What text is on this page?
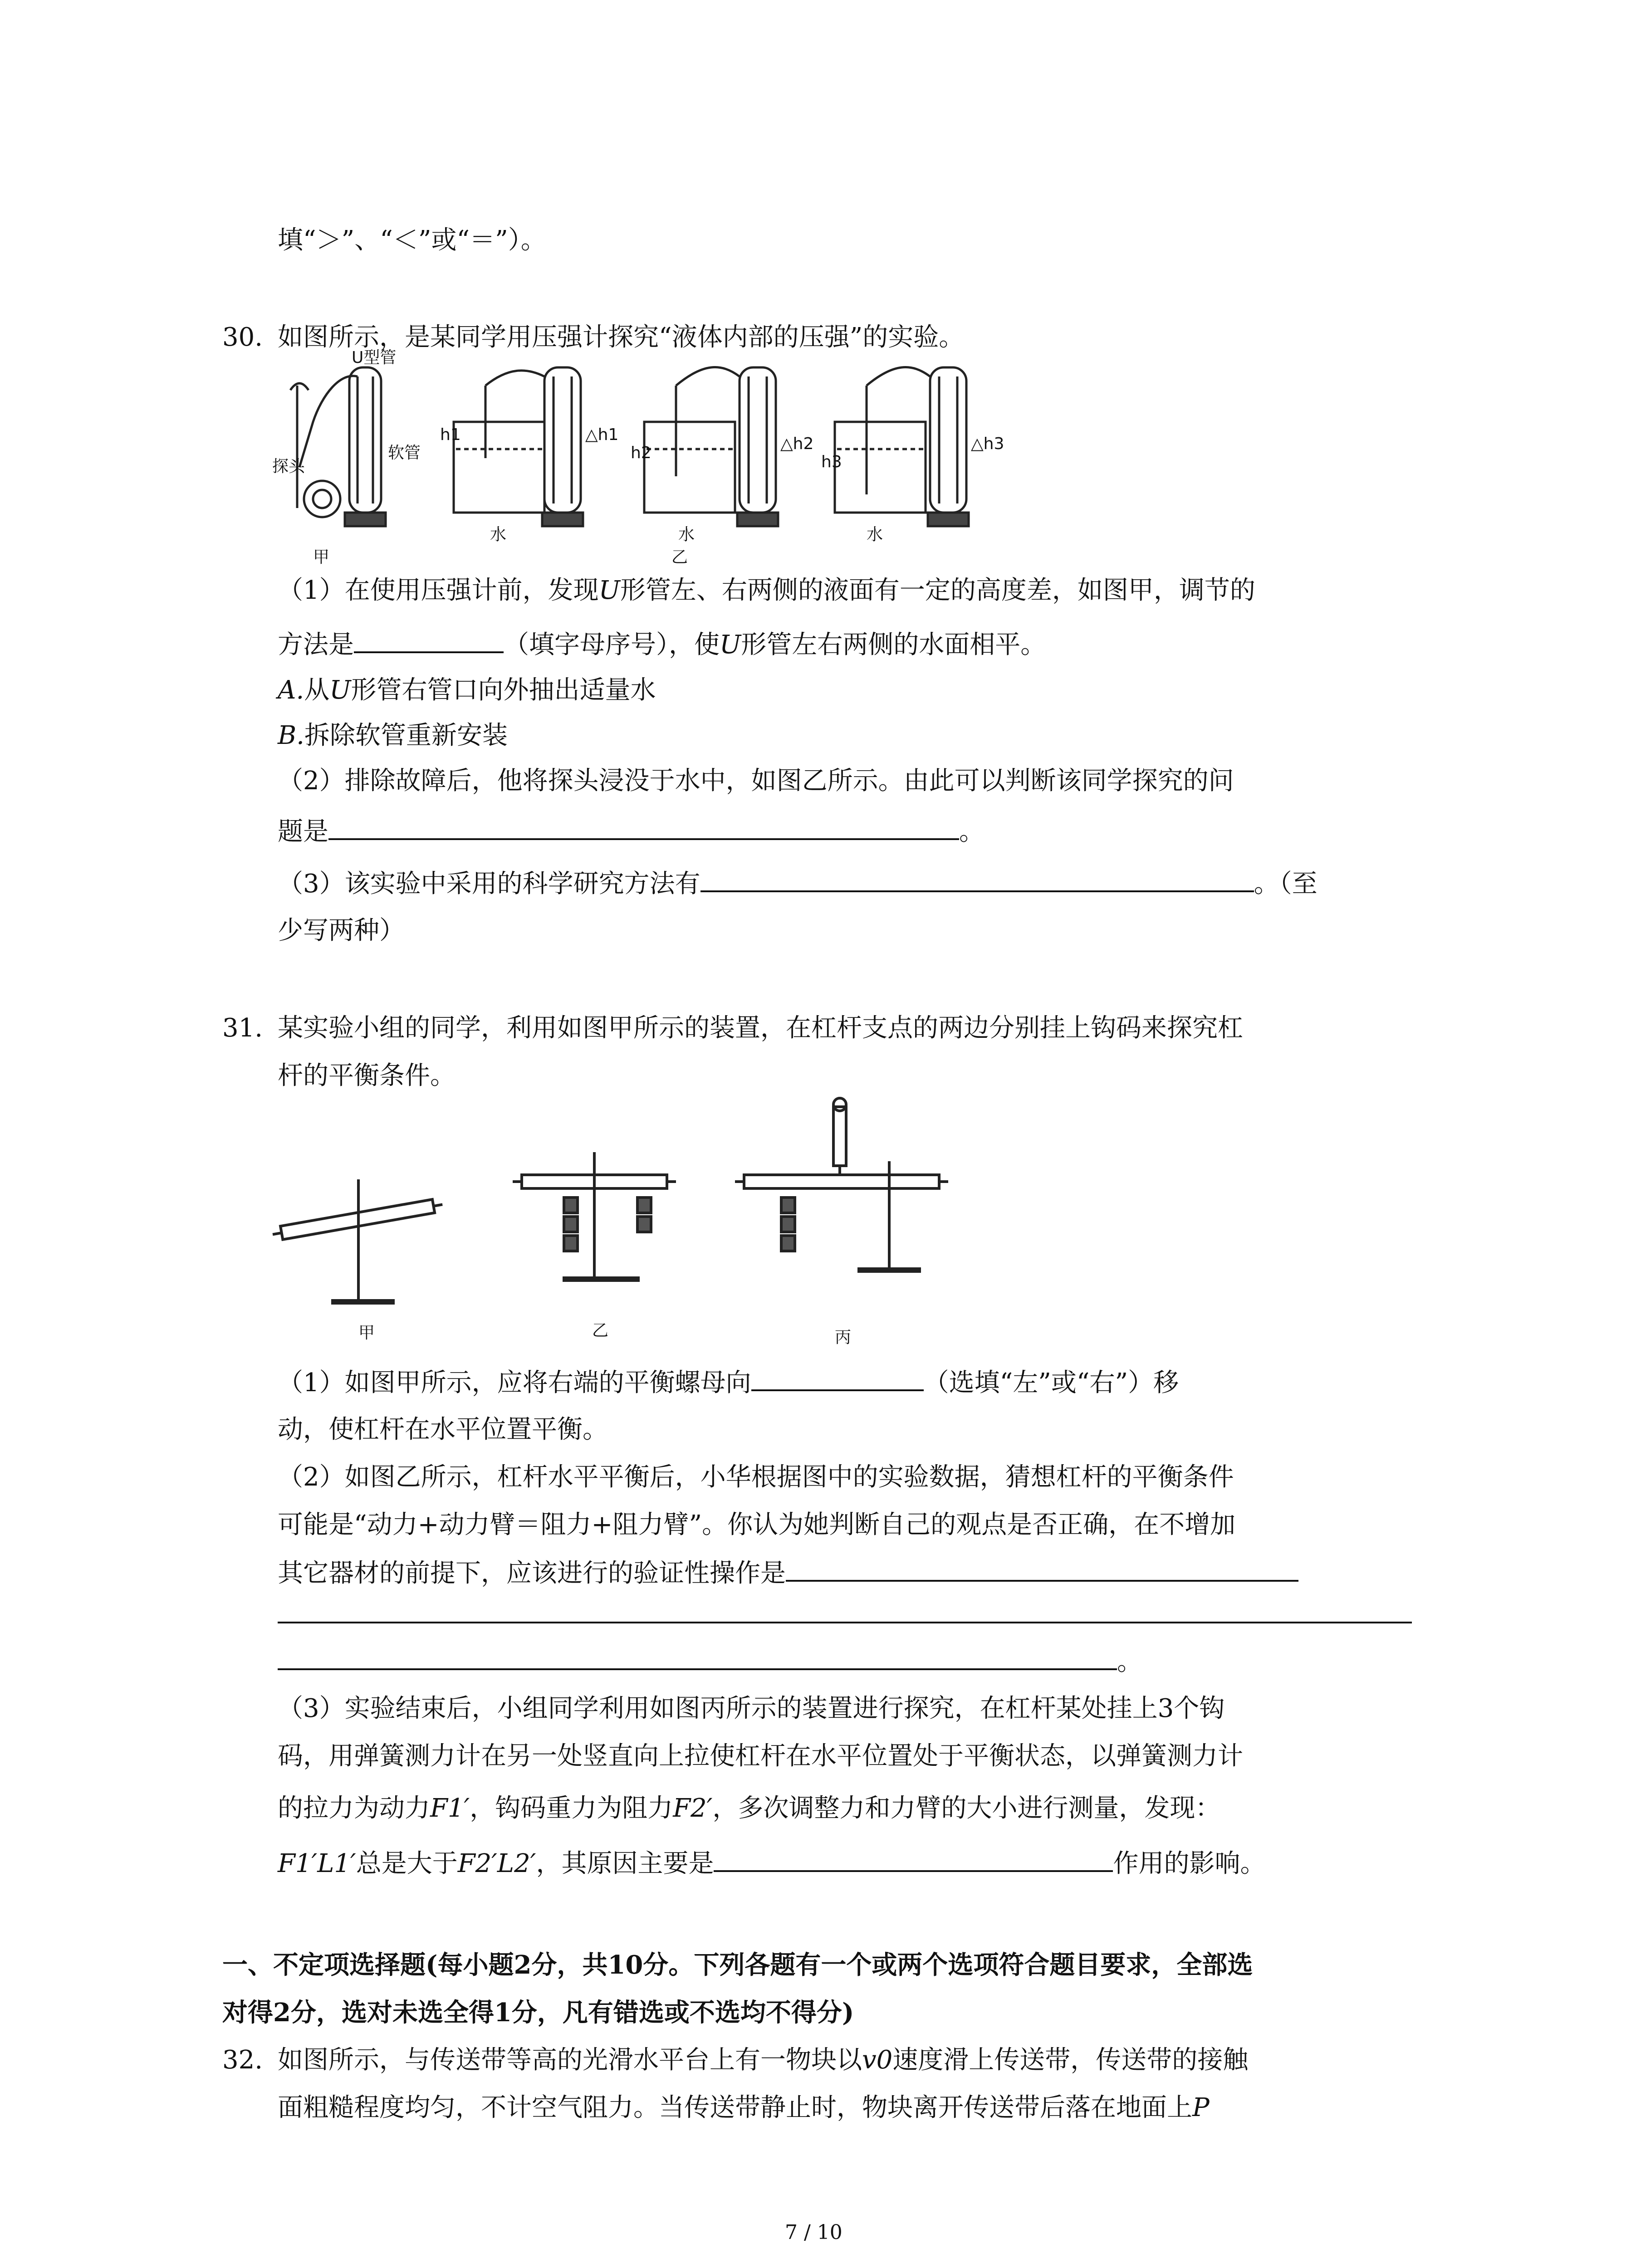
填“＞”、“＜”或“＝”）。
30. 如图所示，是某同学用压强计探究“液体内部的压强”的实验。
U型管
软管
探头
h1	△h1
h2	△h2
h3
△h3
水	水	水
甲	乙
（1）在使用压强计前，发现U形管左、右两侧的液面有一定的高度差，如图甲，调节的
方法是	（填字母序号），使U形管左右两侧的水面相平。
A.从U形管右管口向外抽出适量水
B.拆除软管重新安装
（2）排除故障后，他将探头浸没于水中，如图乙所示。由此可以判断该同学探究的问
题是	。
（3）该实验中采用的科学研究方法有	。（至
少写两种）
31. 某实验小组的同学，利用如图甲所示的装置，在杠杆支点的两边分别挂上钩码来探究杠
杆的平衡条件。
甲	乙	丙
（1）如图甲所示，应将右端的平衡螺母向	（选填“左”或“右”）移
动，使杠杆在水平位置平衡。
（2）如图乙所示，杠杆水平平衡后，小华根据图中的实验数据，猜想杠杆的平衡条件
可能是“动力+动力臂＝阻力+阻力臂”。你认为她判断自己的观点是否正确，在不增加
其它器材的前提下，应该进行的验证性操作是
。
（3）实验结束后，小组同学利用如图丙所示的装置进行探究，在杠杆某处挂上3个钩
码，用弹簧测力计在另一处竖直向上拉使杠杆在水平位置处于平衡状态，以弹簧测力计
的拉力为动力F1′，钩码重力为阻力F2′，多次调整力和力臂的大小进行测量，发现：
F1′L1′总是大于F2′L2′，其原因主要是	作用的影响。
一、不定项选择题(每小题2分，共10分。下列各题有一个或两个选项符合题目要求，全部选
对得2分，选对未选全得1分，凡有错选或不选均不得分)
32. 如图所示，与传送带等高的光滑水平台上有一物块以v0速度滑上传送带，传送带的接触
面粗糙程度均匀，不计空气阻力。当传送带静止时，物块离开传送带后落在地面上P
7 / 10
